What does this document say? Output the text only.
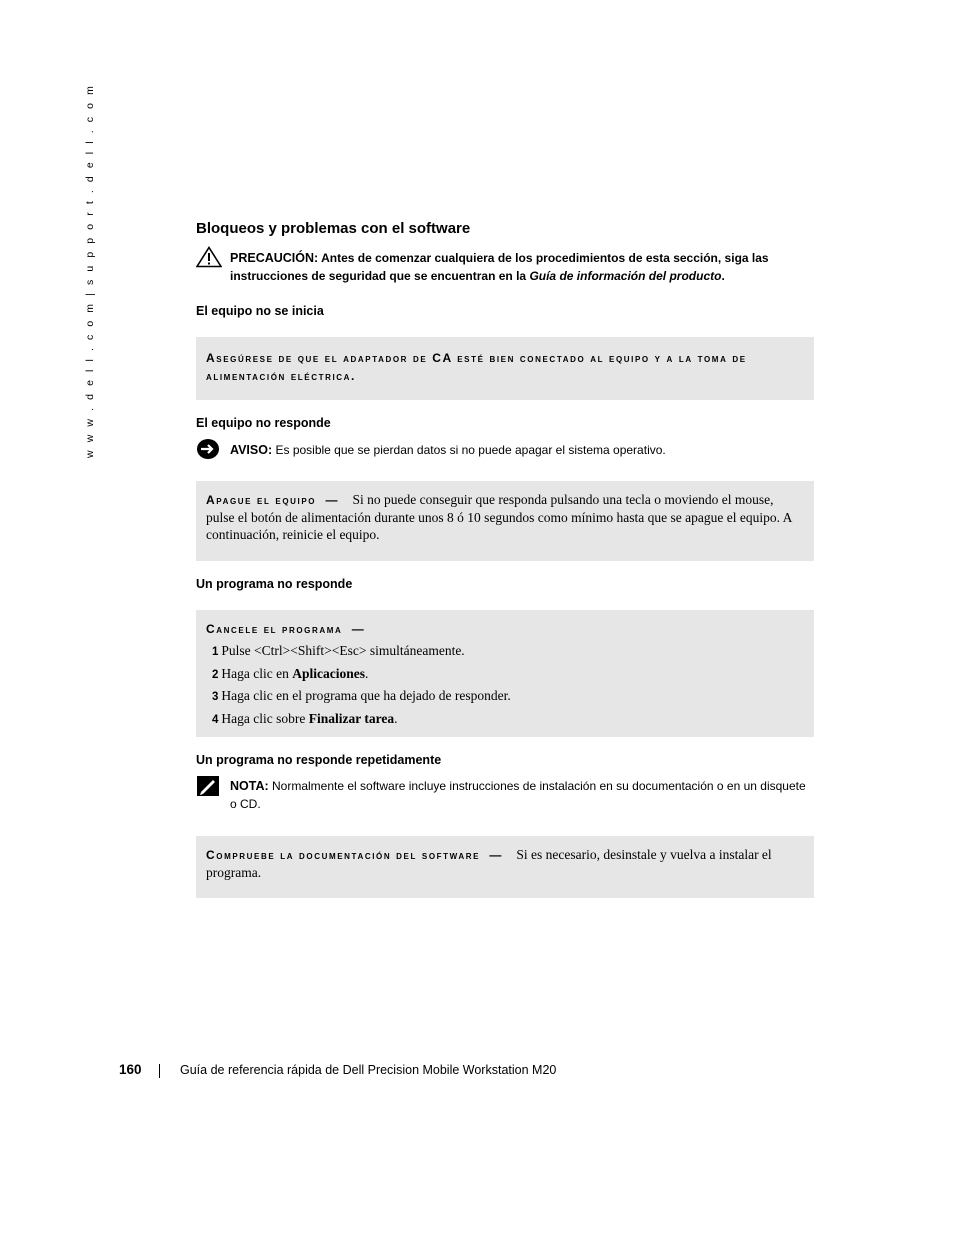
w w w . d e l l . c o m | s u p p o r t . d e l l . c o m	Bloqueos y problemas con el software
PRECAUCIÓN: Antes de comenzar cualquiera de los procedimientos de esta sección, siga las instrucciones de seguridad que se encuentran en la Guía de información del producto.
El equipo no se inicia
Asegúrese de que el adaptador de CA esté bien conectado al equipo y a la toma de alimentación eléctrica.
El equipo no responde
AVISO: Es posible que se pierdan datos si no puede apagar el sistema operativo.
Apague el equipo — Si no puede conseguir que responda pulsando una tecla o moviendo el mouse, pulse el botón de alimentación durante unos 8 ó 10 segundos como mínimo hasta que se apague el equipo. A continuación, reinicie el equipo.
Un programa no responde
Cancele el programa —
1 Pulse <Ctrl><Shift><Esc> simultáneamente.
2 Haga clic en Aplicaciones.
3 Haga clic en el programa que ha dejado de responder.
4 Haga clic sobre Finalizar tarea.
Un programa no responde repetidamente
NOTA: Normalmente el software incluye instrucciones de instalación en su documentación o en un disquete o CD.
Compruebe la documentación del software — Si es necesario, desinstale y vuelva a instalar el programa.
160	Guía de referencia rápida de Dell Precision Mobile Workstation M20
